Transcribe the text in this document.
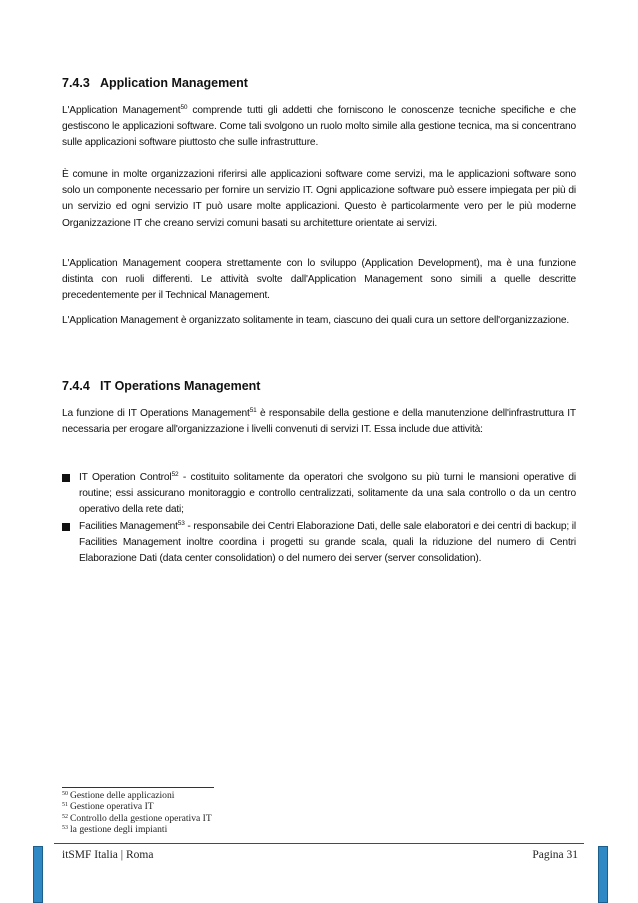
7.4.3 Application Management

L'Application Management$^{50}$ comprende tutti gli addetti che forniscono le conoscenze tecniche specifiche e che gestiscono le applicazioni software. Come tali svolgono un ruolo molto simile alla gestione tecnica, ma si concentrano sulle applicazioni software piuttosto che sulle infrastrutture.

È comune in molte organizzazioni riferirsi alle applicazioni software come servizi, ma le applicazioni software sono solo un componente necessario per fornire un servizio IT. Ogni applicazione software può essere impiegata per più di un servizio ed ogni servizio IT può usare molte applicazioni. Questo è particolarmente vero per le più moderne Organizzazione IT che creano servizi comuni basati su architetture orientate ai servizi.

L'Application Management coopera strettamente con lo sviluppo (Application Development), ma è una funzione distinta con ruoli differenti. Le attività svolte dall'Application Management sono simili a quelle descritte precedentemente per il Technical Management.

L'Application Management è organizzato solitamente in team, ciascuno dei quali cura un settore dell'organizzazione.

7.4.4 IT Operations Management

La funzione di IT Operations Management$^{51}$ è responsabile della gestione e della manutenzione dell'infrastruttura IT necessaria per erogare all'organizzazione i livelli convenuti di servizi IT. Essa include due attività:

IT Operation Control$^{52}$ - costituito solitamente da operatori che svolgono su più turni le mansioni operative di routine; essi assicurano monitoraggio e controllo centralizzati, solitamente da una sala controllo o da un centro operativo della rete dati;
Facilities Management$^{53}$ - responsabile dei Centri Elaborazione Dati, delle sale elaboratori e dei centri di backup; il Facilities Management inoltre coordina i progetti su grande scala, quali la riduzione del numero di Centri Elaborazione Dati (data center consolidation) o del numero dei server (server consolidation).
$^{50}$ Gestione delle applicazioni
$^{51}$ Gestione operativa IT
$^{52}$ Controllo della gestione operativa IT
$^{53}$ la gestione degli impianti
itSMF Italia | Roma	Pagina 31
